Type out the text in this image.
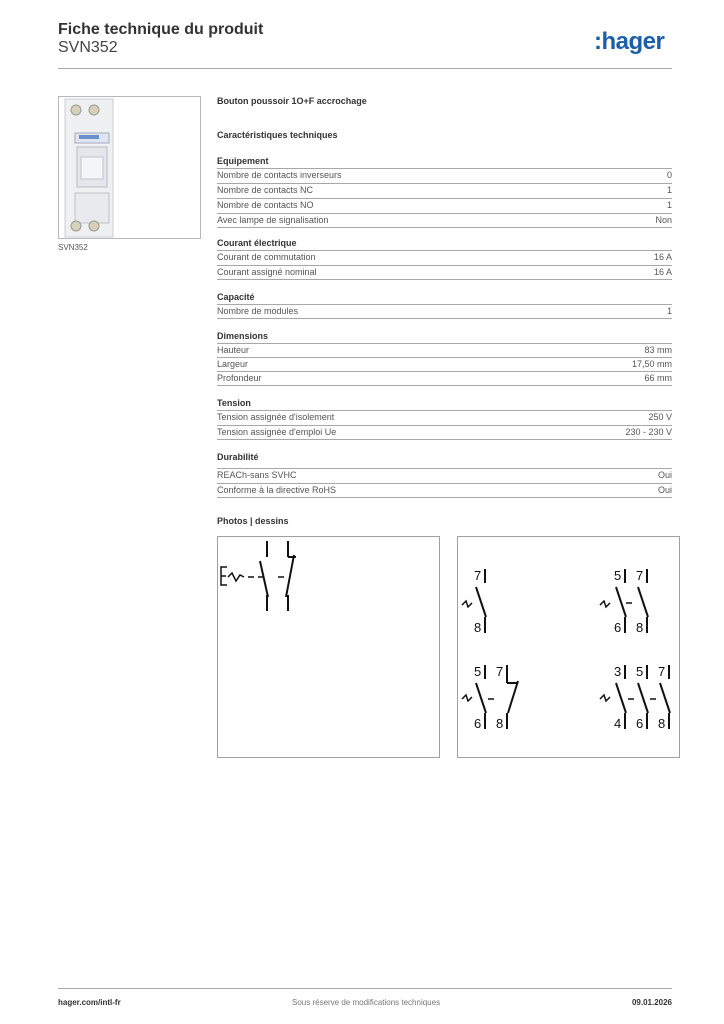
Fiche technique du produit
SVN352	:hager
SVN352
Bouton poussoir 1O+F accrochage
Caractéristiques techniques
Equipement
Nombre de contacts inverseurs	0
Nombre de contacts NC	1
Nombre de contacts NO	1
Avec lampe de signalisation	Non
Courant électrique
Courant de commutation	16 A
Courant assigné nominal	16 A
Capacité
Nombre de modules	1
Dimensions
Hauteur	83 mm
Largeur	17,50 mm
Profondeur	66 mm
Tension
Tension assignée d'isolement	250 V
Tension assignée d'emploi Ue	230 - 230 V
Durabilité
REACh-sans SVHC	Oui
Conforme à la directive RoHS	Oui
Photos | dessins
7
8
5 7
6 8
5 7
6 8
3 5 7
4 6 8
hager.com/intl-fr	Sous réserve de modifications techniques	09.01.2026
